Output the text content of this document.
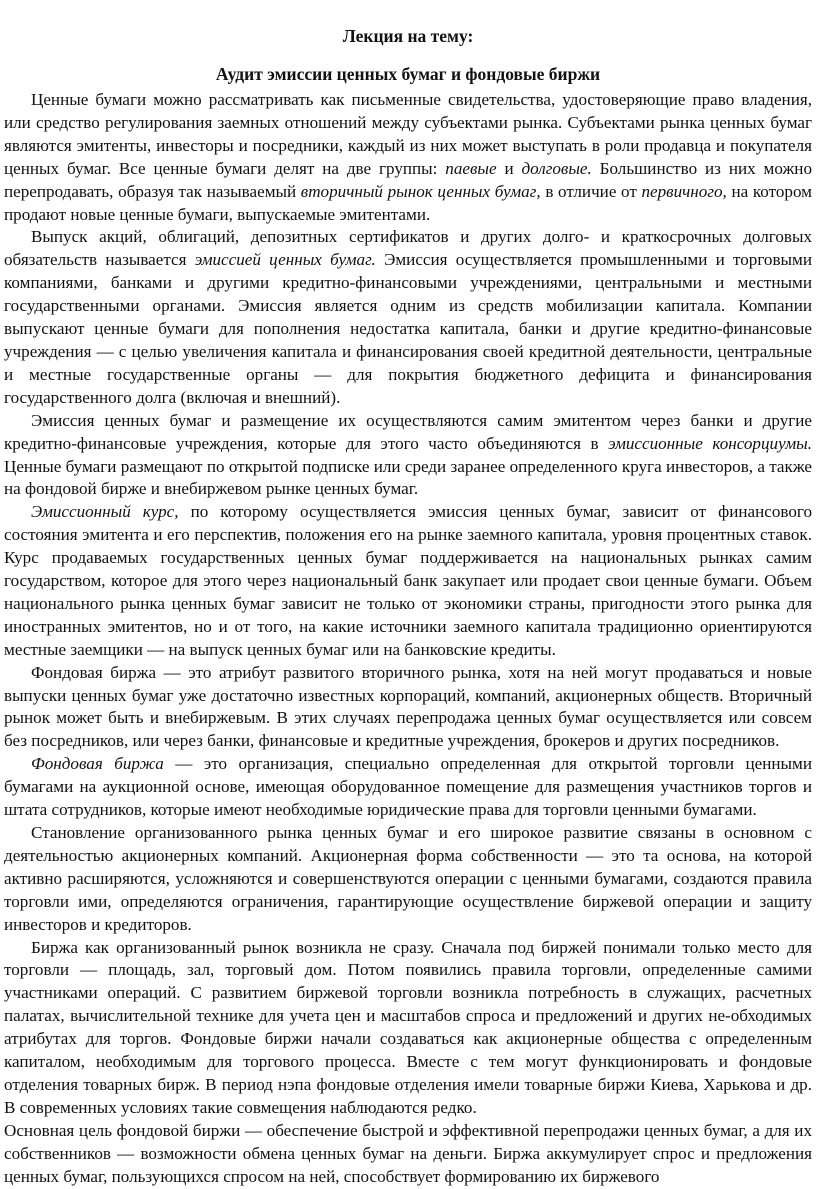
Лекция на тему:
Аудит эмиссии ценных бумаг и фондовые биржи

Ценные бумаги можно рассматривать как письменные свидетельства, удостоверяющие право владения, или средство регулирования заемных отношений между субъектами рынка. Субъектами рынка ценных бумаг являются эмитенты, инвесторы и посредники, каждый из них может выступать в роли продавца и покупателя ценных бумаг. Все ценные бумаги делят на две группы: паевые и долговые. Большинство из них можно перепродавать, образуя так называемый вторичный рынок ценных бумаг, в отличие от первичного, на котором продают новые ценные бумаги, выпускаемые эмитентами.

Выпуск акций, облигаций, депозитных сертификатов и других долго- и краткосрочных долговых обязательств называется эмиссией ценных бумаг. Эмиссия осуществляется промышленными и торговыми компаниями, банками и другими кредитно-финансовыми учреждениями, центральными и местными государственными органами. Эмиссия является одним из средств мобилизации капитала. Компании выпускают ценные бумаги для пополнения недостатка капитала, банки и другие кредитно-финансовые учреждения — с целью увеличения капитала и финансирования своей кредитной деятельности, центральные и местные государственные органы — для покрытия бюджетного дефицита и финансирования государственного долга (включая и внешний).

Эмиссия ценных бумаг и размещение их осуществляются самим эмитентом через банки и другие кредитно-финансовые учреждения, которые для этого часто объединяются в эмиссионные консорциумы. Ценные бумаги размещают по открытой подписке или среди заранее определенного круга инвесторов, а также на фондовой бирже и внебиржевом рынке ценных бумаг.

Эмиссионный курс, по которому осуществляется эмиссия ценных бумаг, зависит от финансового состояния эмитента и его перспектив, положения его на рынке заемного капитала, уровня процентных ставок. Курс продаваемых государственных ценных бумаг поддерживается на национальных рынках самим государством, которое для этого через национальный банк закупает или продает свои ценные бумаги. Объем национального рынка ценных бумаг зависит не только от экономики страны, пригодности этого рынка для иностранных эмитентов, но и от того, на какие источники заемного капитала традиционно ориентируются местные заемщики — на выпуск ценных бумаг или на банковские кредиты.

Фондовая биржа — это атрибут развитого вторичного рынка, хотя на ней могут продаваться и новые выпуски ценных бумаг уже достаточно известных корпораций, компаний, акционерных обществ. Вторичный рынок может быть и внебиржевым. В этих случаях перепродажа ценных бумаг осуществляется или совсем без посредников, или через банки, финансовые и кредитные учреждения, брокеров и других посредников.

Фондовая биржа — это организация, специально определенная для открытой торговли ценными бумагами на аукционной основе, имеющая оборудованное помещение для размещения участников торгов и штата сотрудников, которые имеют необходимые юридические права для торговли ценными бумагами.

Становление организованного рынка ценных бумаг и его широкое развитие связаны в основном с деятельностью акционерных компаний. Акционерная форма собственности — это та основа, на которой активно расширяются, усложняются и совершенствуются операции с ценными бумагами, создаются правила торговли ими, определяются ограничения, гарантирующие осуществление биржевой операции и защиту инвесторов и кредиторов.

Биржа как организованный рынок возникла не сразу. Сначала под биржей понимали только место для торговли — площадь, зал, торговый дом. Потом появились правила торговли, определенные самими участниками операций. С развитием биржевой торговли возникла потребность в служащих, расчетных палатах, вычислительной технике для учета цен и масштабов спроса и предложений и других не-обходимых атрибутах для торгов. Фондовые биржи начали создаваться как акционерные общества с определенным капиталом, необходимым для торгового процесса. Вместе с тем могут функционировать и фондовые отделения товарных бирж. В период нэпа фондовые отделения имели товарные биржи Киева, Харькова и др. В современных условиях такие совмещения наблюдаются редко.

Основная цель фондовой биржи — обеспечение быстрой и эффективной перепродажи ценных бумаг, а для их собственников — возможности обмена ценных бумаг на деньги. Биржа аккумулирует спрос и предложения ценных бумаг, пользующихся спросом на ней, способствует формированию их биржевого
